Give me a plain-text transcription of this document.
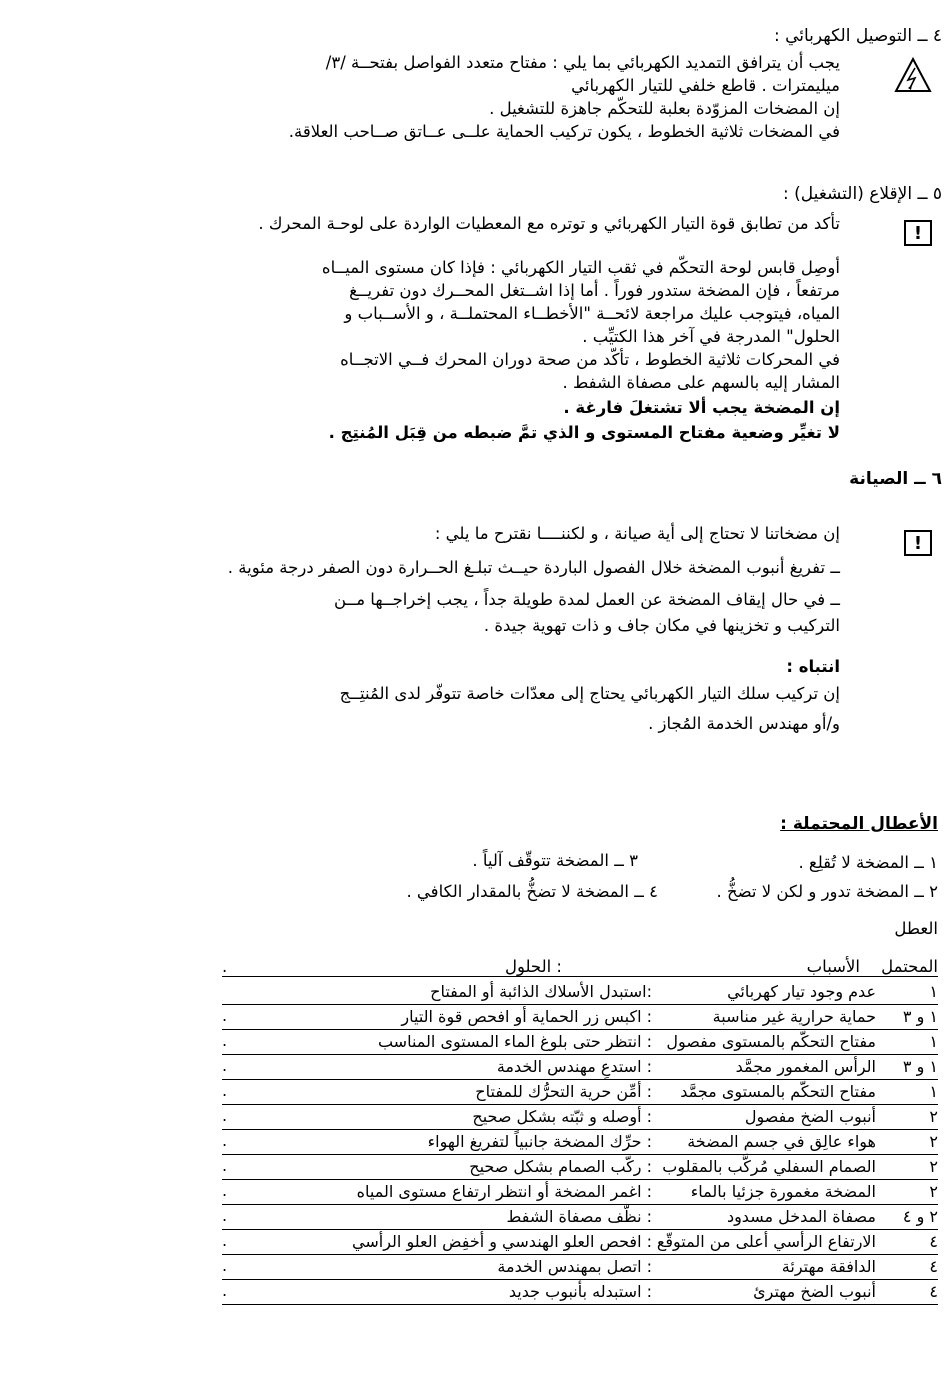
٤ ــ التوصيل الكهربائي :
يجب أن يترافق التمديد الكهربائي بما يلي : مفتاح متعدد الفواصل بفتحــة /٣/
ميليمترات . قاطع خلفي للتيار الكهربائي
إن المضخات المزوّدة بعلبة للتحكّم جاهزة للتشغيل .
في المضخات ثلاثية الخطوط ، يكون تركيب الحماية علــى عــاتق صــاحب العلاقة.
٥ ــ الإقلاع (التشغيل) :
!
تأكد من تطابق قوة التيار الكهربائي و توتره مع المعطيات الواردة على لوحـة المحرك .
أوصِل قابس لوحة التحكّم في ثقب التيار الكهربائي : فإذا كان مستوى الميــاه
مرتفعاً ، فإن المضخة ستدور فوراً . أما إذا اشــتغل المحــرك دون تفريــغ
المياه، فيتوجب عليك مراجعة لائحــة "الأخطــاء المحتملــة ، و الأســباب و
الحلول" المدرجة في آخر هذا الكتيِّب .
في المحركات ثلاثية الخطوط ، تأكّد من صحة دوران المحرك فــي الاتجــاه
المشار إليه بالسهم على مصفاة الشفط .
إن المضخة يجب ألا تشتغلَ فارغة .
لا تغيِّر وضعية مفتاح المستوى و الذي تمَّ ضبطه من قِبَل المُنتِج .
٦ ــ الصيانة
!
إن مضخاتنا لا تحتاج إلى أية صيانة ، و لكننــــا نقترح ما يلي :
ــ تفريغ أنبوب المضخة خلال الفصول الباردة حيــث تبلـغ الحــرارة دون الصفر درجة مئوية .
ــ في حال إيقاف المضخة عن العمل لمدة طويلة جداً ، يجب إخراجــها مــن
التركيب و تخزينها في مكان جاف و ذات تهوية جيدة .
انتباه :
إن تركيب سلك التيار الكهربائي يحتاج إلى معدّات خاصة تتوفّر لدى المُنتِــج
و/أو مهندس الخدمة المُجاز .
الأعطال المحتملة :
١ ــ المضخة لا تُقلِع .
٣ ــ المضخة تتوقّف آلياً .
٢ ــ المضخة تدور و لكن لا تضخُّ .
٤ ــ المضخة لا تضخُّ بالمقدار الكافي .
العطل
المحتمل
الأسباب
: الحلول
.
١
عدم وجود تيار كهربائي
:استبدل الأسلاك الذائبة أو المفتاح
١ و ٣
حماية حرارية غير مناسبة
: اكبس زر الحماية أو افحص قوة التيار
.
١
مفتاح التحكّم بالمستوى مفصول
: انتظر حتى بلوغ الماء المستوى المناسب
.
١ و ٣
الرأس المغمور مجمَّد
: استدعِ مهندس الخدمة
.
١
مفتاح التحكّم بالمستوى مجمَّد
: أمِّن حرية التحرُّك للمفتاح
.
٢
أنبوب الضخ مفصول
: أوصله و ثبّته بشكل صحيح
.
٢
هواء عالِق في جسم المضخة
: حرِّك المضخة جانبياً لتفريغ الهواء
.
٢
الصمام السفلي مُركَّب بالمقلوب
: ركّب الصمام بشكل صحيح
.
٢
المضخة مغمورة جزئيا بالماء
: اغمر المضخة أو انتظر ارتفاع مستوى المياه
.
٢ و ٤
مصفاة المدخل مسدود
: نظّف مصفاة الشفط
.
٤
الارتفاع الرأسي أعلى من المتوقّع
: افحص العلو الهندسي و أخفِض العلو الرأسي
.
٤
الدافقة مهترئة
: اتصل بمهندس الخدمة
.
٤
أنبوب الضخ مهترئ
: استبدله بأنبوب جديد
.
